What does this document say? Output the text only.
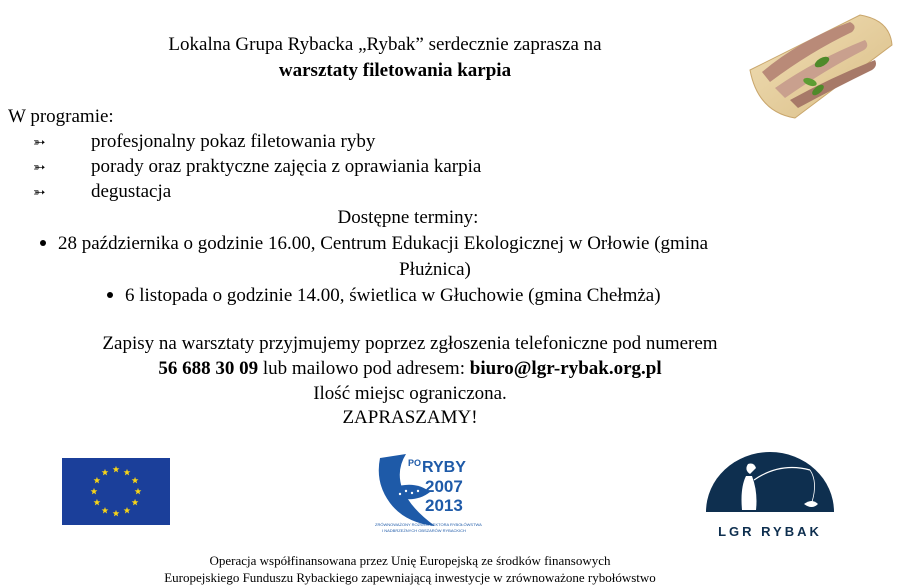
Lokalna Grupa Rybacka „Rybak” serdecznie zaprasza na
warsztaty filetowania karpia
W programie:
➳ profesjonalny pokaz filetowania ryby
➳ porady oraz praktyczne zajęcia z oprawiania karpia
➳ degustacja
Dostępne terminy:
28 października o godzinie 16.00, Centrum Edukacji Ekologicznej w Orłowie (gmina
Płużnica)
6 listopada o godzinie 14.00, świetlica w Głuchowie (gmina Chełmża)
Zapisy na warsztaty przyjmujemy poprzez zgłoszenia telefoniczne pod numerem
56 688 30 09 lub mailowo pod adresem: biuro@lgr-rybak.org.pl
Ilość miejsc ograniczona.
ZAPRASZAMY!
PO RYBY
2007
2013
ZRÓWNOWAŻONY ROZWÓJ SEKTORA RYBOŁÓWSTWA
I NADBRZEŻNYCH OBSZARÓW RYBACKICH	LGR RYBAK
Operacja współfinansowana przez Unię Europejską ze środków finansowych
Europejskiego Funduszu Rybackiego zapewniającą inwestycje w zrównoważone rybołówstwo
